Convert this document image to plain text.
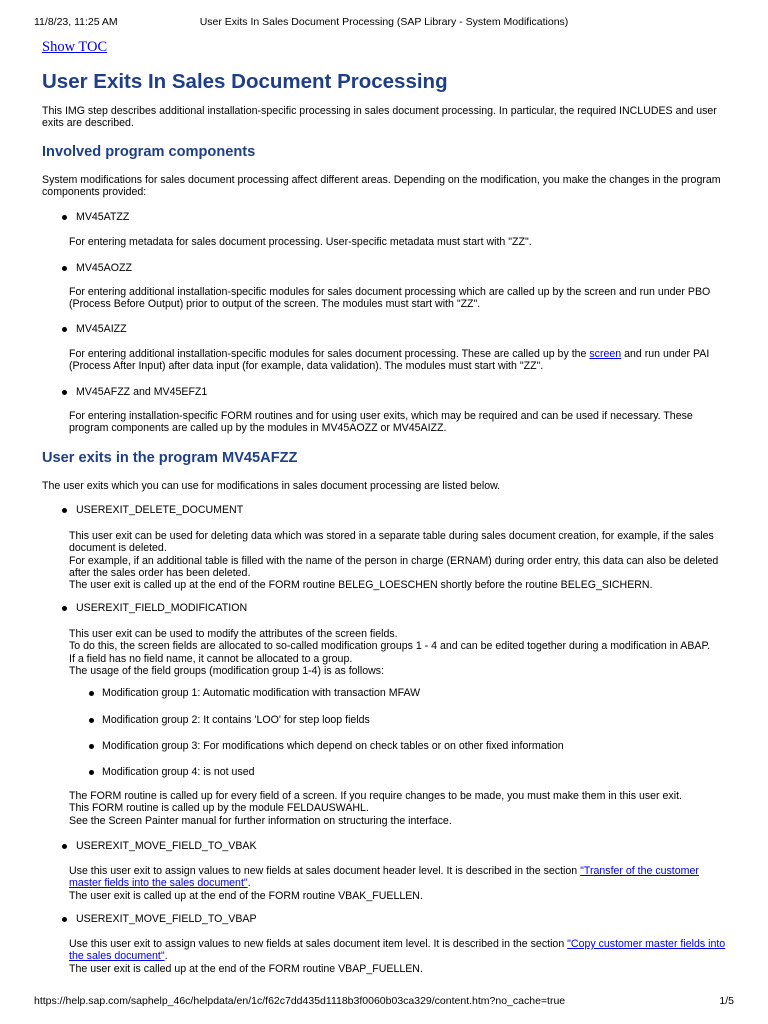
11/8/23, 11:25 AM	User Exits In Sales Document Processing (SAP Library - System Modifications)
Show TOC
User Exits In Sales Document Processing

This IMG step describes additional installation-specific processing in sales document processing. In particular, the required INCLUDES and user exits are described.

Involved program components

System modifications for sales document processing affect different areas. Depending on the modification, you make the changes in the program components provided:

MV45ATZZ
For entering metadata for sales document processing. User-specific metadata must start with "ZZ".
MV45AOZZ
For entering additional installation-specific modules for sales document processing which are called up by the screen and run under PBO (Process Before Output) prior to output of the screen. The modules must start with "ZZ".
MV45AIZZ
For entering additional installation-specific modules for sales document processing. These are called up by the screen and run under PAI (Process After Input) after data input (for example, data validation). The modules must start with "ZZ".
MV45AFZZ and MV45EFZ1
For entering installation-specific FORM routines and for using user exits, which may be required and can be used if necessary. These program components are called up by the modules in MV45AOZZ or MV45AIZZ.
User exits in the program MV45AFZZ

The user exits which you can use for modifications in sales document processing are listed below.

USEREXIT_DELETE_DOCUMENT
This user exit can be used for deleting data which was stored in a separate table during sales document creation, for example, if the sales document is deleted.
For example, if an additional table is filled with the name of the person in charge (ERNAM) during order entry, this data can also be deleted after the sales order has been deleted.
The user exit is called up at the end of the FORM routine BELEG_LOESCHEN shortly before the routine BELEG_SICHERN.
USEREXIT_FIELD_MODIFICATION
This user exit can be used to modify the attributes of the screen fields.
To do this, the screen fields are allocated to so-called modification groups 1 - 4 and can be edited together during a modification in ABAP.
If a field has no field name, it cannot be allocated to a group.
The usage of the field groups (modification group 1-4) is as follows:
Modification group 1: Automatic modification with transaction MFAW
Modification group 2: It contains 'LOO' for step loop fields
Modification group 3: For modifications which depend on check tables or on other fixed information
Modification group 4: is not used
The FORM routine is called up for every field of a screen. If you require changes to be made, you must make them in this user exit.
This FORM routine is called up by the module FELDAUSWAHL.
See the Screen Painter manual for further information on structuring the interface.
USEREXIT_MOVE_FIELD_TO_VBAK
Use this user exit to assign values to new fields at sales document header level. It is described in the section "Transfer of the customer master fields into the sales document".
The user exit is called up at the end of the FORM routine VBAK_FUELLEN.
USEREXIT_MOVE_FIELD_TO_VBAP
Use this user exit to assign values to new fields at sales document item level. It is described in the section "Copy customer master fields into the sales document".
The user exit is called up at the end of the FORM routine VBAP_FUELLEN.
https://help.sap.com/saphelp_46c/helpdata/en/1c/f62c7dd435d1118b3f0060b03ca329/content.htm?no_cache=true	1/5
